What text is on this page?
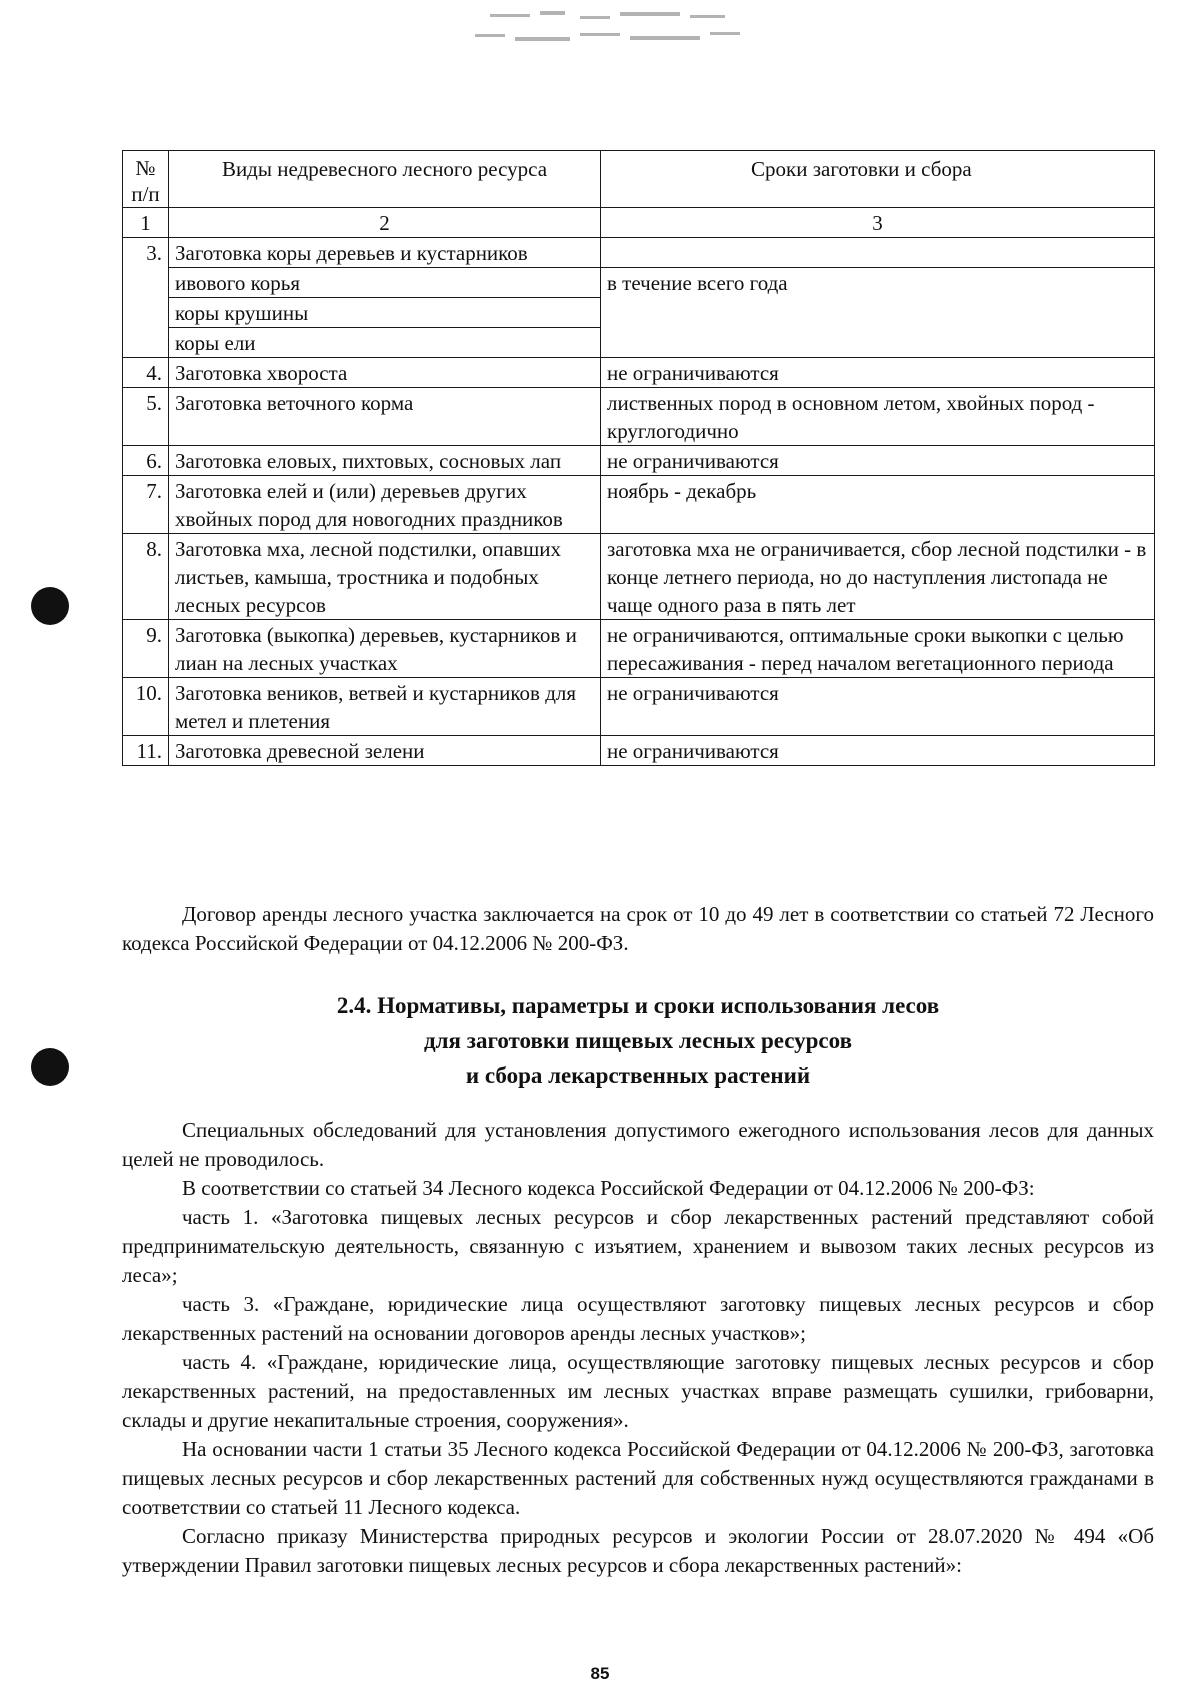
№ п/п	Виды недревесного лесного ресурса	Сроки заготовки и сбора
1	2	3
3.	Заготовка коры деревьев и кустарников	
	ивового корья	в течение всего года
	коры крушины	
	коры ели	
4.	Заготовка хвороста	не ограничиваются
5.	Заготовка веточного корма	лиственных пород в основном летом, хвойных пород - круглогодично
6.	Заготовка еловых, пихтовых, сосновых лап	не ограничиваются
7.	Заготовка елей и (или) деревьев других хвойных пород для новогодних праздников	ноябрь - декабрь
8.	Заготовка мха, лесной подстилки, опавших листьев, камыша, тростника и подобных лесных ресурсов	заготовка мха не ограничивается, сбор лесной подстилки - в конце летнего периода, но до наступления листопада не чаще одного раза в пять лет
9.	Заготовка (выкопка) деревьев, кустарников и лиан на лесных участках	не ограничиваются, оптимальные сроки выкопки с целью пересаживания - перед началом вегетационного периода
10.	Заготовка веников, ветвей и кустарников для метел и плетения	не ограничиваются
11.	Заготовка древесной зелени	не ограничиваются

Договор аренды лесного участка заключается на срок от 10 до 49 лет в соответствии со статьей 72 Лесного кодекса Российской Федерации от 04.12.2006 № 200-ФЗ.

2.4. Нормативы, параметры и сроки использования лесов
для заготовки пищевых лесных ресурсов
и сбора лекарственных растений

Специальных обследований для установления допустимого ежегодного использования лесов для данных целей не проводилось.

В соответствии со статьей 34 Лесного кодекса Российской Федерации от 04.12.2006 № 200-ФЗ:

часть 1. «Заготовка пищевых лесных ресурсов и сбор лекарственных растений представляют собой предпринимательскую деятельность, связанную с изъятием, хранением и вывозом таких лесных ресурсов из леса»;

часть 3. «Граждане, юридические лица осуществляют заготовку пищевых лесных ресурсов и сбор лекарственных растений на основании договоров аренды лесных участков»;

часть 4. «Граждане, юридические лица, осуществляющие заготовку пищевых лесных ресурсов и сбор лекарственных растений, на предоставленных им лесных участках вправе размещать сушилки, грибоварни, склады и другие некапитальные строения, сооружения».

На основании части 1 статьи 35 Лесного кодекса Российской Федерации от 04.12.2006 № 200-ФЗ, заготовка пищевых лесных ресурсов и сбор лекарственных растений для собственных нужд осуществляются гражданами в соответствии со статьей 11 Лесного кодекса.

Согласно приказу Министерства природных ресурсов и экологии России от 28.07.2020 № 494 «Об утверждении Правил заготовки пищевых лесных ресурсов и сбора лекарственных растений»:

85
